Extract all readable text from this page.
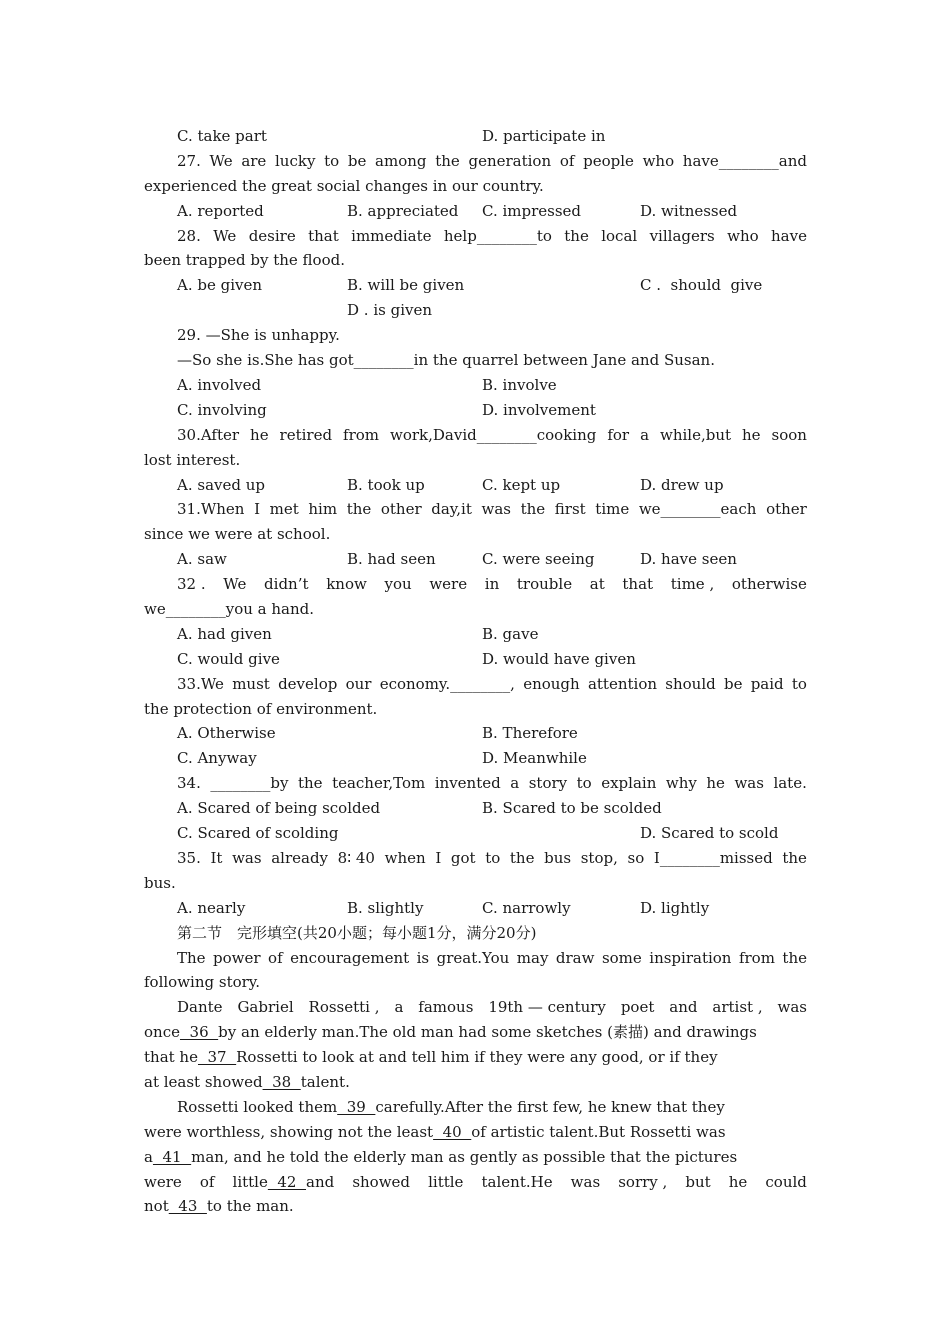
C. take part	D. participate in
27. We are lucky to be among the generation of people who have________and
experienced the great social changes in our country.
A. reported	B. appreciated C. impressed	D. witnessed
28. We desire that immediate help________to the local villagers who have
been trapped by the flood.
A. be given	B. will be given	C .  should  give
D . is given
29. —She is unhappy.
—So she is.She has got________in the quarrel between Jane and Susan.
A. involved	B. involve
C. involving	D. involvement
30.After he retired from work,David________cooking for a while,but he soon
lost interest.
A. saved up	B. took up	C. kept up	D. drew up
31.When I met him the other day,it was the first time we________each other
since we were at school.
A. saw	B. had seen	C. were seeing	D. have seen
32 . We didn’t know you were in trouble at that time , otherwise
we________you a hand.
A. had given	B. gave
C. would give	D. would have given
33.We must develop our economy.________, enough attention should be paid to
the protection of environment.
A. Otherwise	B. Therefore
C. Anyway	D. Meanwhile
34. ________by the teacher,Tom invented a story to explain why he was late.
A. Scared of being scolded	B. Scared to be scolded
C. Scared of scolding	D. Scared to scold
35. It was already 8∶ 40 when I got to the bus stop, so I________missed the
bus.
A. nearly	B. slightly	C. narrowly	D. lightly
第二节　完形填空(共20小题；每小题1分，满分20分)
The power of encouragement is great.You may draw some inspiration from the
following story.
Dante Gabriel Rossetti , a famous 19th — century poet and artist , was
once  36  by an elderly man.The old man had some sketches (素描) and drawings
that he  37  Rossetti to look at and tell him if they were any good, or if they
at least showed  38  talent.
Rossetti looked them  39  carefully.After the first few, he knew that they
were worthless, showing not the least  40  of artistic talent.But Rossetti was
a  41  man, and he told the elderly man as gently as possible that the pictures
were of little  42  and showed little talent.He was sorry , but he could
not  43  to the man.
